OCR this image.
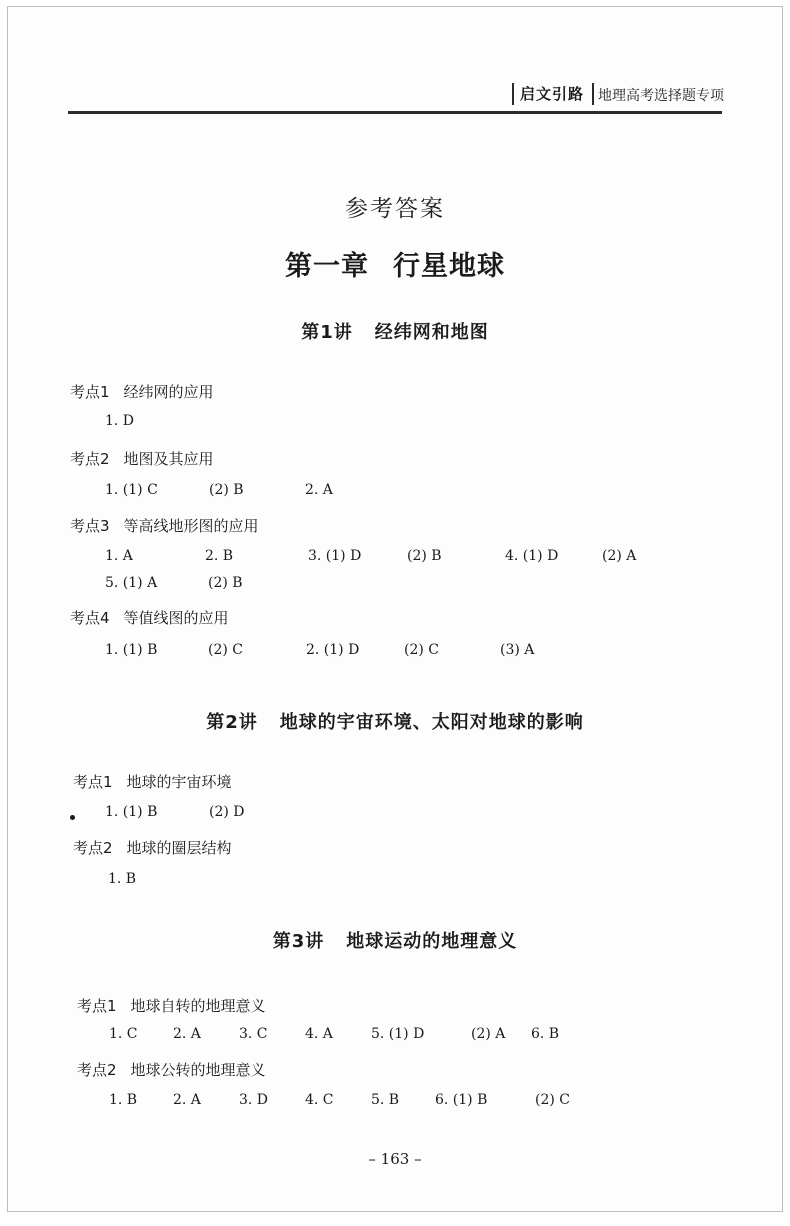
启文引路 地理高考选择题专项
参考答案
第一章 行星地球
第1讲 经纬网和地图
考点1 经纬网的应用
1. D
考点2 地图及其应用
1. (1) C	(2) B	2. A
考点3 等高线地形图的应用
1. A	2. B	3. (1) D	(2) B	4. (1) D	(2) A
5. (1) A	(2) B
考点4 等值线图的应用
1. (1) B	(2) C	2. (1) D	(2) C	(3) A
第2讲 地球的宇宙环境、太阳对地球的影响
考点1 地球的宇宙环境
1. (1) B	(2) D
考点2 地球的圈层结构
1. B
第3讲 地球运动的地理意义
考点1 地球自转的地理意义
1. C	2. A	3. C	4. A	5. (1) D	(2) A 6. B
考点2 地球公转的地理意义
1. B	2. A	3. D	4. C	5. B	6. (1) B	(2) C
– 163 –
